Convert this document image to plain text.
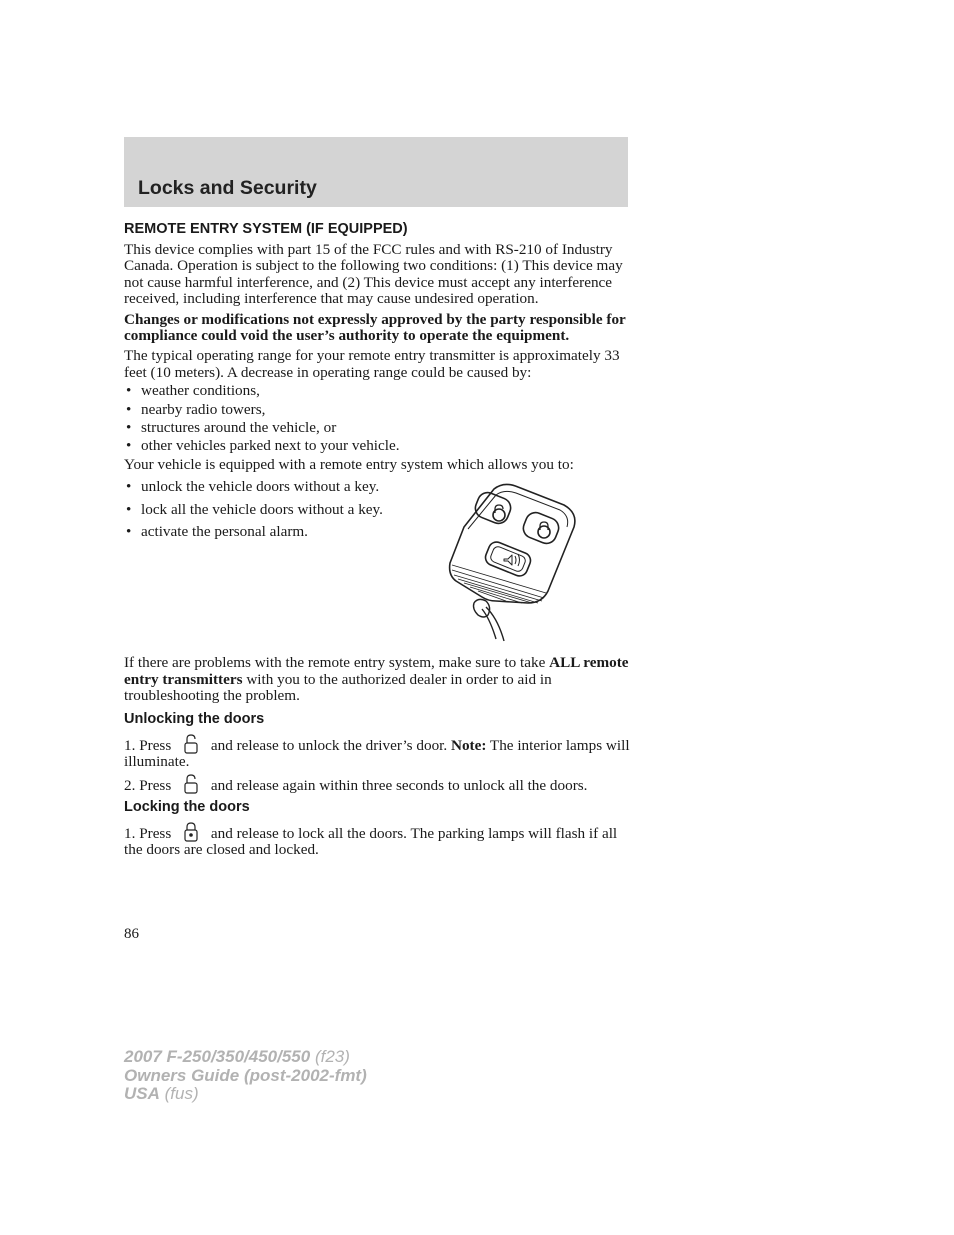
Locks and Security
REMOTE ENTRY SYSTEM (IF EQUIPPED)

This device complies with part 15 of the FCC rules and with RS-210 of Industry Canada. Operation is subject to the following two conditions: (1) This device may not cause harmful interference, and (2) This device must accept any interference received, including interference that may cause undesired operation.

Changes or modifications not expressly approved by the party responsible for compliance could void the user’s authority to operate the equipment.

The typical operating range for your remote entry transmitter is approximately 33 feet (10 meters). A decrease in operating range could be caused by:

• weather conditions,
• nearby radio towers,
• structures around the vehicle, or
• other vehicles parked next to your vehicle.

Your vehicle is equipped with a remote entry system which allows you to:

• unlock the vehicle doors without a key.
• lock all the vehicle doors without a key.
• activate the personal alarm.

If there are problems with the remote entry system, make sure to take ALL remote entry transmitters with you to the authorized dealer in order to aid in troubleshooting the problem.

Unlocking the doors

1. Press
and release to unlock the driver’s door. Note: The interior lamps will illuminate.

2. Press
and release again within three seconds to unlock all the doors.

Locking the doors

1. Press
and release to lock all the doors. The parking lamps will flash if all the doors are closed and locked.

86
2007 F-250/350/450/550 (f23)
Owners Guide (post-2002-fmt)
USA (fus)
